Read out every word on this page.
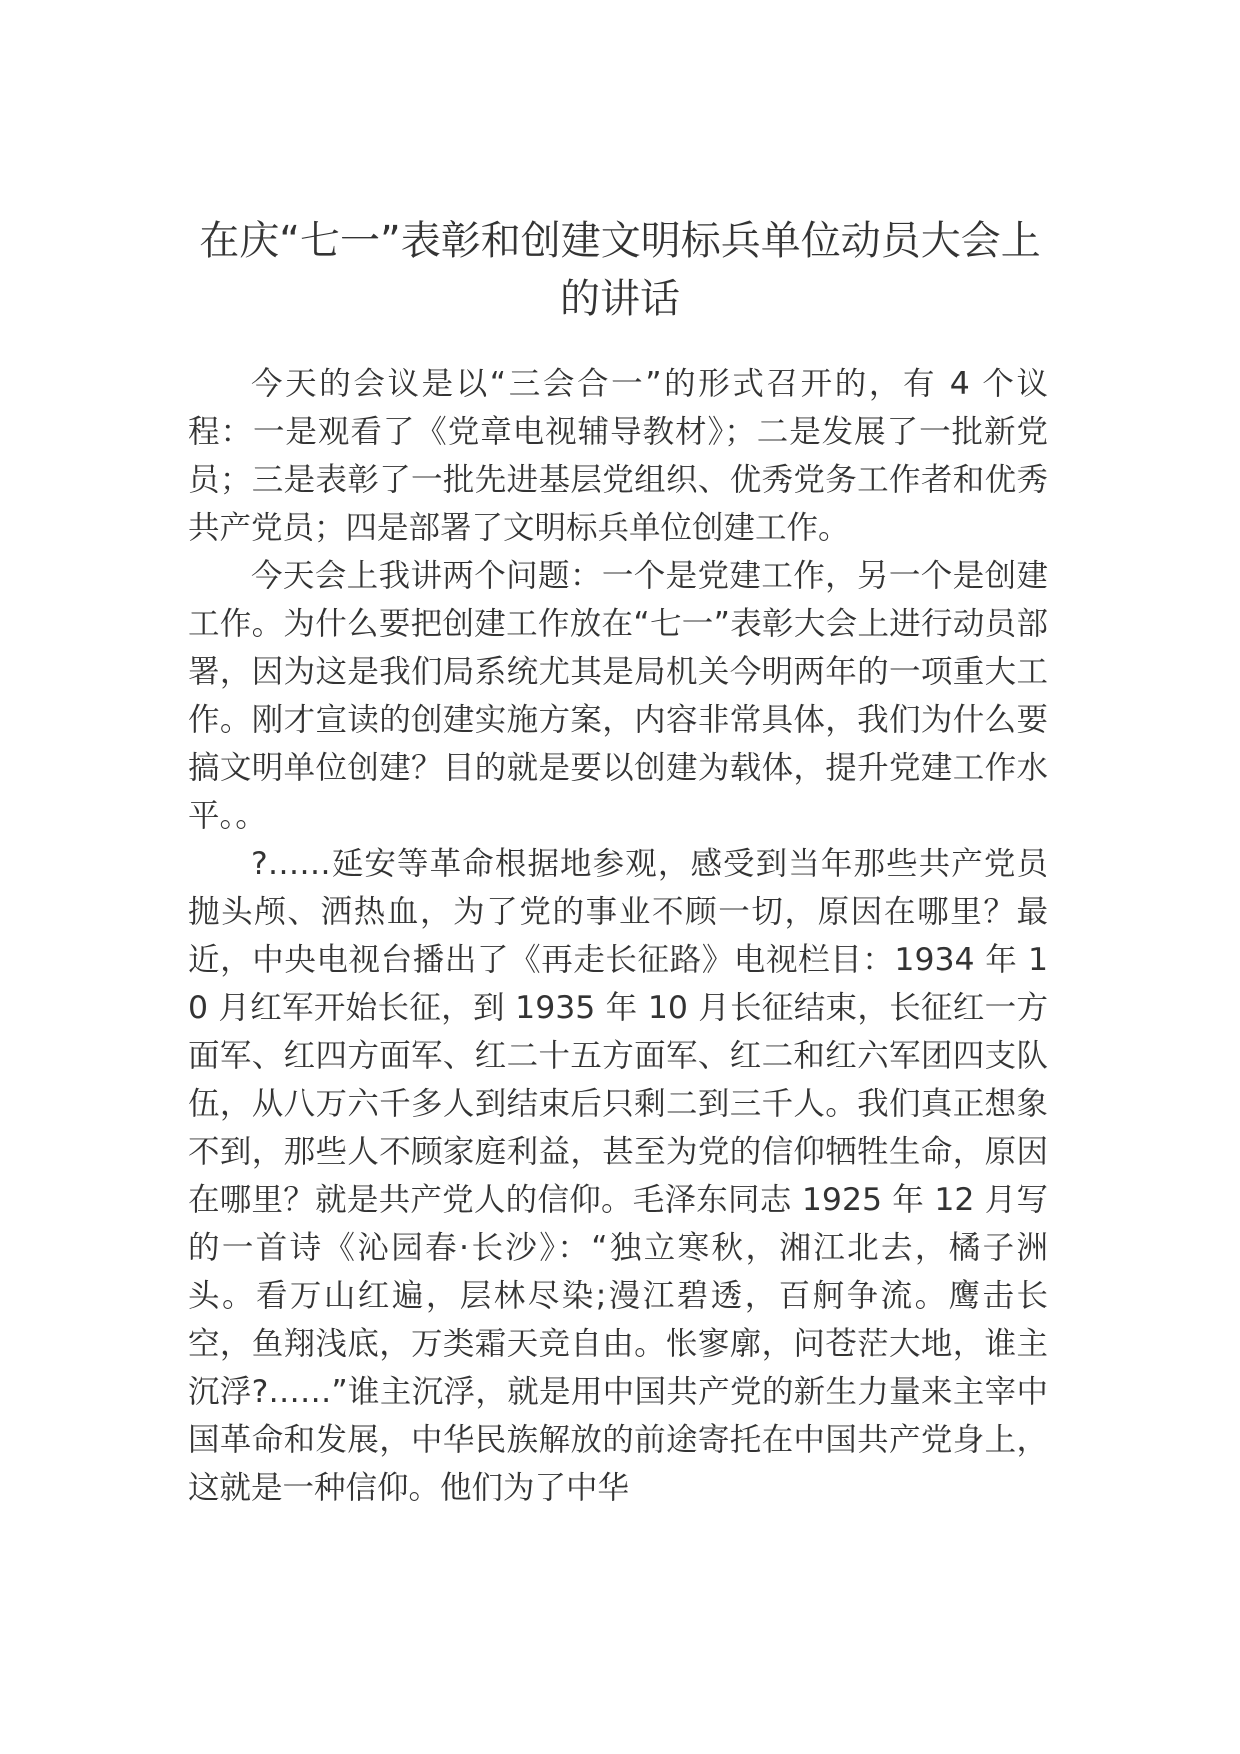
在庆“七一”表彰和创建文明标兵单位动员大会上的讲话

今天的会议是以“三会合一”的形式召开的，有 4 个议程：一是观看了《党章电视辅导教材》；二是发展了一批新党员；三是表彰了一批先进基层党组织、优秀党务工作者和优秀共产党员；四是部署了文明标兵单位创建工作。

今天会上我讲两个问题：一个是党建工作，另一个是创建工作。为什么要把创建工作放在“七一”表彰大会上进行动员部署，因为这是我们局系统尤其是局机关今明两年的一项重大工作。刚才宣读的创建实施方案，内容非常具体，我们为什么要搞文明单位创建？目的就是要以创建为载体，提升党建工作水平。。

?……延安等革命根据地参观，感受到当年那些共产党员抛头颅、洒热血，为了党的事业不顾一切，原因在哪里？最近，中央电视台播出了《再走长征路》电视栏目：1934 年 10 月红军开始长征，到 1935 年 10 月长征结束，长征红一方面军、红四方面军、红二十五方面军、红二和红六军团四支队伍，从八万六千多人到结束后只剩二到三千人。我们真正想象不到，那些人不顾家庭利益，甚至为党的信仰牺牲生命，原因在哪里？就是共产党人的信仰。毛泽东同志 1925 年 12 月写的一首诗《沁园春·长沙》：“独立寒秋，湘江北去，橘子洲头。看万山红遍，层林尽染;漫江碧透，百舸争流。鹰击长空，鱼翔浅底，万类霜天竞自由。怅寥廓，问苍茫大地，谁主沉浮?……”谁主沉浮，就是用中国共产党的新生力量来主宰中国革命和发展，中华民族解放的前途寄托在中国共产党身上，这就是一种信仰。他们为了中华
